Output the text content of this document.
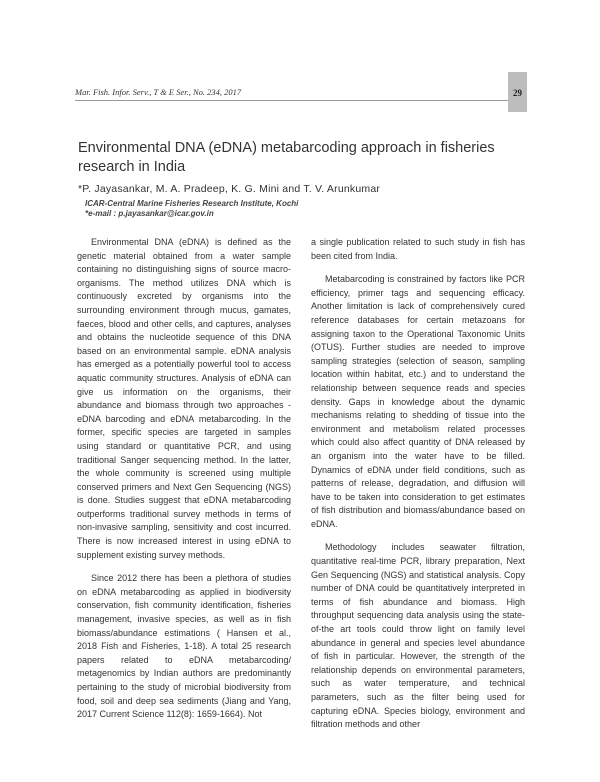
Mar. Fish. Infor. Serv., T & E Ser., No. 234, 2017	29
Environmental DNA (eDNA) metabarcoding approach in fisheries research in India
*P. Jayasankar, M. A. Pradeep, K. G. Mini and T. V. Arunkumar
ICAR-Central Marine Fisheries Research Institute, Kochi
*e-mail : p.jayasankar@icar.gov.in

Environmental DNA (eDNA) is defined as the genetic material obtained from a water sample containing no distinguishing signs of source macro-organisms. The method utilizes DNA which is continuously excreted by organisms into the surrounding environment through mucus, gamates, faeces, blood and other cells, and captures, analyses and obtains the nucleotide sequence of this DNA based on an environmental sample. eDNA analysis has emerged as a potentially powerful tool to access aquatic community structures. Analysis of eDNA can give us information on the organisms, their abundance and biomass through two approaches - eDNA barcoding and eDNA metabarcoding. In the former, specific species are targeted in samples using standard or quantitative PCR, and using traditional Sanger sequencing method. In the latter, the whole community is screened using multiple conserved primers and Next Gen Sequencing (NGS) is done. Studies suggest that eDNA metabarcoding outperforms traditional survey methods in terms of non-invasive sampling, sensitivity and cost incurred. There is now increased interest in using eDNA to supplement existing survey methods.

Since 2012 there has been a plethora of studies on eDNA metabarcoding as applied in biodiversity conservation, fish community identification, fisheries management, invasive species, as well as in fish biomass/abundance estimations ( Hansen et al., 2018 Fish and Fisheries, 1-18). A total 25 research papers related to eDNA metabarcoding/ metagenomics by Indian authors are predominantly pertaining to the study of microbial biodiversity from food, soil and deep sea sediments (Jiang and Yang, 2017 Current Science 112(8): 1659-1664). Not

a single publication related to such study in fish has been cited from India.

Metabarcoding is constrained by factors like PCR efficiency, primer tags and sequencing efficacy. Another limitation is lack of comprehensively cured reference databases for certain metazoans for assigning taxon to the Operational Taxonomic Units (OTUS). Further studies are needed to improve sampling strategies (selection of season, sampling location within habitat, etc.) and to understand the relationship between sequence reads and species density. Gaps in knowledge about the dynamic mechanisms relating to shedding of tissue into the environment and metabolism related processes which could also affect quantity of DNA released by an organism into the water have to be filled. Dynamics of eDNA under field conditions, such as patterns of release, degradation, and diffusion will have to be taken into consideration to get estimates of fish distribution and biomass/abundance based on eDNA.

Methodology includes seawater filtration, quantitative real-time PCR, library preparation, Next Gen Sequencing (NGS) and statistical analysis. Copy number of DNA could be quantitatively interpreted in terms of fish abundance and biomass. High throughput sequencing data analysis using the state-of-the art tools could throw light on family level abundance in general and species level abundance of fish in particular. However, the strength of the relationship depends on environmental parameters, such as water temperature, and technical parameters, such as the filter being used for capturing eDNA. Species biology, environment and filtration methods and other
